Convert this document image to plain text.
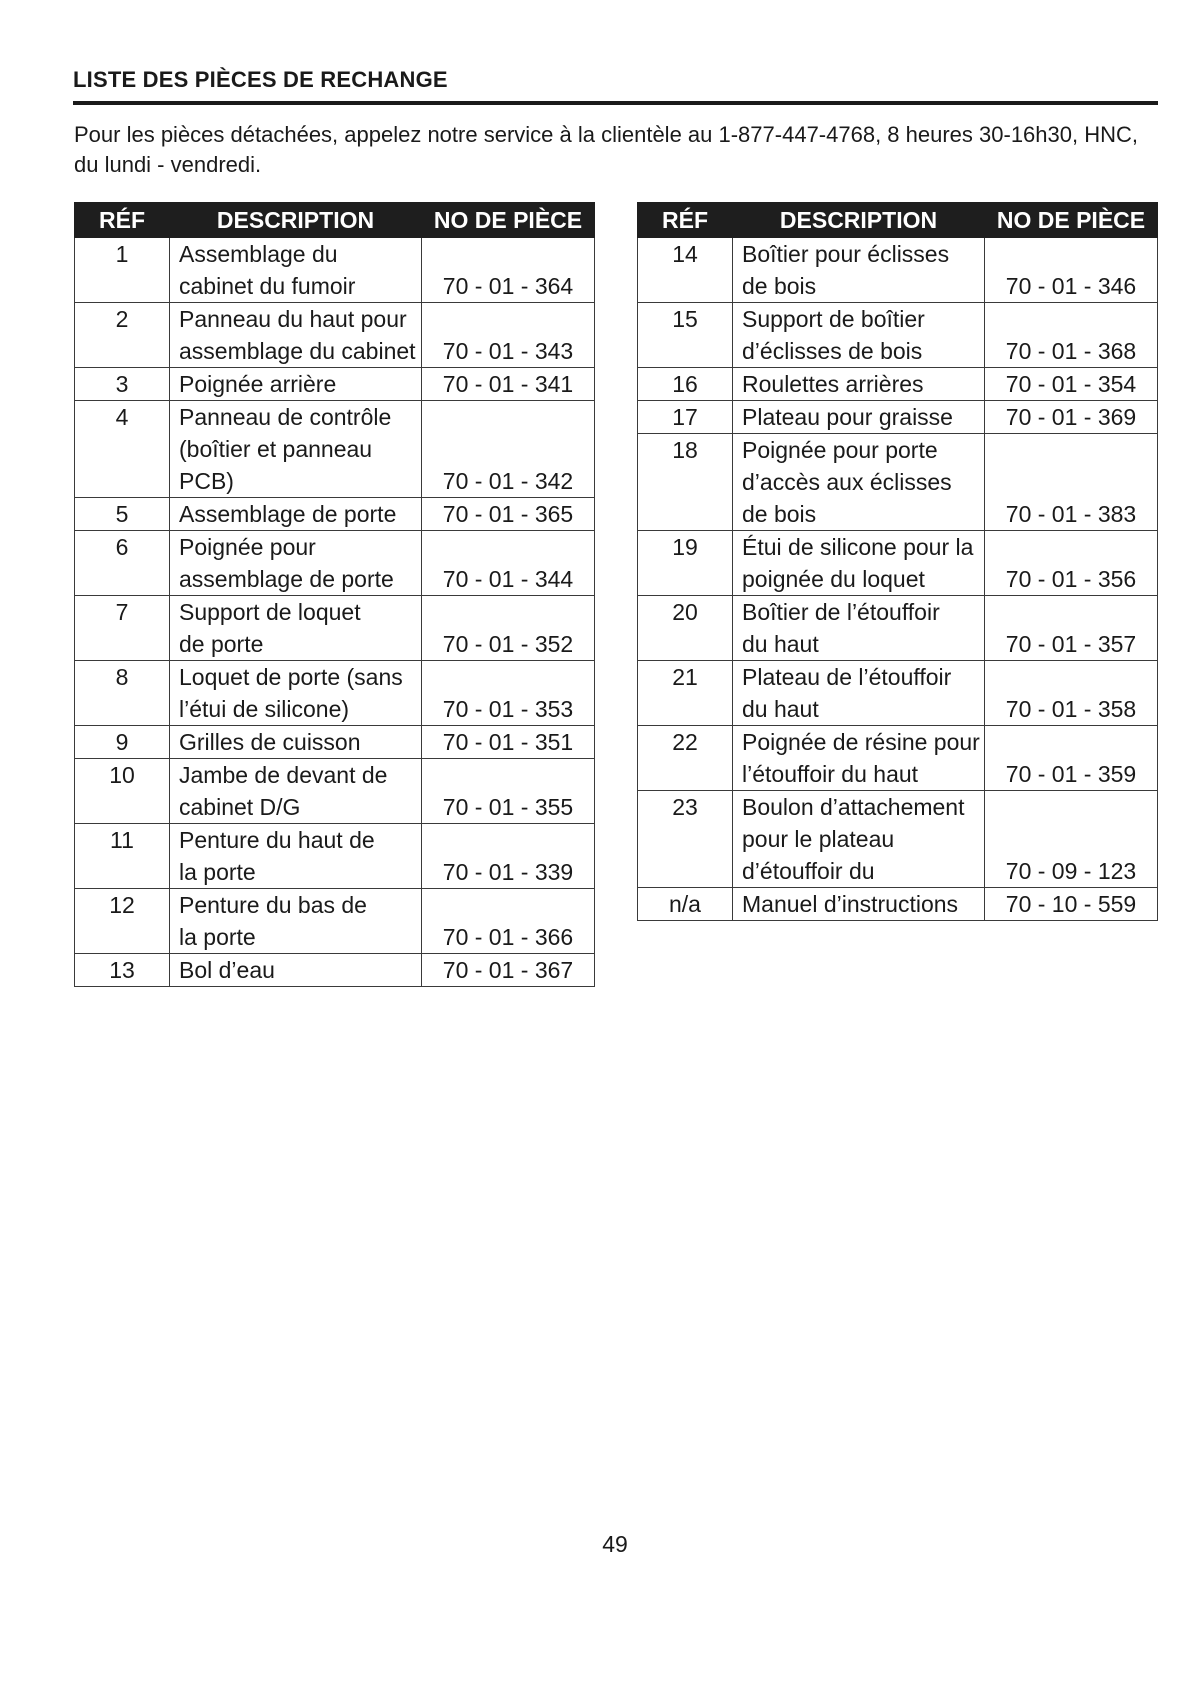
LISTE DES PIÈCES DE RECHANGE
Pour les pièces détachées, appelez notre service à la clientèle au 1-877-447-4768, 8 heures 30-16h30, HNC, du lundi - vendredi.
RÉF	DESCRIPTION	NO DE PIÈCE
1	Assemblage du
cabinet du fumoir	70 - 01 - 364
2	Panneau du haut pour
assemblage du cabinet	70 - 01 - 343
3	Poignée arrière	70 - 01 - 341
4	Panneau de contrôle
(boîtier et panneau PCB)	70 - 01 - 342
5	Assemblage de porte	70 - 01 - 365
6	Poignée pour
assemblage de porte	70 - 01 - 344
7	Support de loquet
de porte	70 - 01 - 352
8	Loquet de porte (sans
l’étui de silicone)	70 - 01 - 353
9	Grilles de cuisson	70 - 01 - 351
10	Jambe de devant de
cabinet D/G	70 - 01 - 355
11	Penture du haut de
la porte	70 - 01 - 339
12	Penture du bas de
la porte	70 - 01 - 366
13	Bol d’eau	70 - 01 - 367
RÉF	DESCRIPTION	NO DE PIÈCE
14	Boîtier pour éclisses
de bois	70 - 01 - 346
15	Support de boîtier
d’éclisses de bois	70 - 01 - 368
16	Roulettes arrières	70 - 01 - 354
17	Plateau pour graisse	70 - 01 - 369
18	Poignée pour porte
d’accès aux éclisses
de bois	70 - 01 - 383
19	Étui de silicone pour la
poignée du loquet	70 - 01 - 356
20	Boîtier de l’étouffoir
du haut	70 - 01 - 357
21	Plateau de l’étouffoir
du haut	70 - 01 - 358
22	Poignée de résine pour
l’étouffoir du haut	70 - 01 - 359
23	Boulon d’attachement
pour le plateau
d’étouffoir du	70 - 09 - 123
n/a	Manuel d’instructions	70 - 10 - 559
49
